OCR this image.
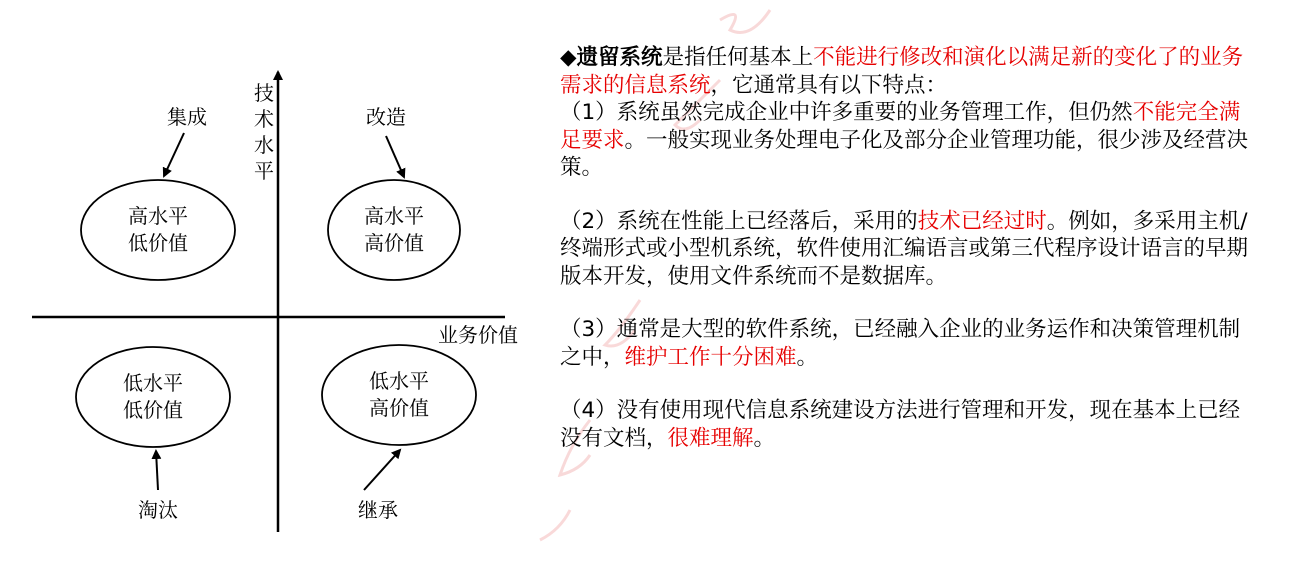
技
术
水
平
业务价值
高水平
低价值
集成
高水平
高价值
改造
低水平
低价值
淘汰
低水平
高价值
继承

◆遗留系统是指任何基本上不能进行修改和演化以满足新的变化了的业务需求的信息系统，它通常具有以下特点：
（1）系统虽然完成企业中许多重要的业务管理工作，但仍然不能完全满足要求。一般实现业务处理电子化及部分企业管理功能，很少涉及经营决策。

（2）系统在性能上已经落后，采用的技术已经过时。例如，多采用主机/终端形式或小型机系统，软件使用汇编语言或第三代程序设计语言的早期版本开发，使用文件系统而不是数据库。

（3）通常是大型的软件系统，已经融入企业的业务运作和决策管理机制之中，维护工作十分困难。

（4）没有使用现代信息系统建设方法进行管理和开发，现在基本上已经没有文档，很难理解。
